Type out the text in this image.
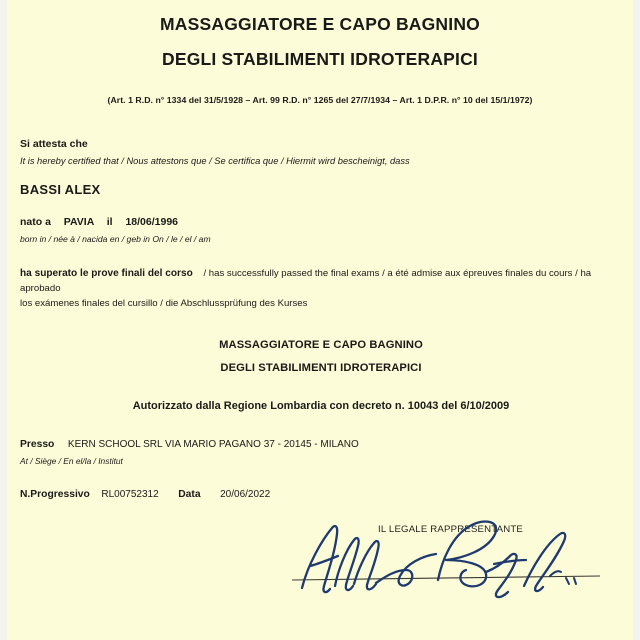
MASSAGGIATORE E CAPO BAGNINO
DEGLI STABILIMENTI IDROTERAPICI
(Art. 1 R.D. n° 1334 del 31/5/1928 – Art. 99 R.D. n° 1265 del 27/7/1934 – Art. 1 D.P.R. n° 10 del 15/1/1972)
Si attesta che
It is hereby certified that / Nous attestons que / Se certifica que / Hiermit wird bescheinigt, dass
BASSI ALEX
nato a PAVIA il 18/06/1996
born in / née à / nacida en / geb in On / le / el / am
ha superato le prove finali del corso / has successfully passed the final exams / a été admise aux épreuves finales du cours / ha aprobado
los exámenes finales del cursillo / die Abschlussprüfung des Kurses
MASSAGGIATORE E CAPO BAGNINO
DEGLI STABILIMENTI IDROTERAPICI
Autorizzato dalla Regione Lombardia con decreto n. 10043 del 6/10/2009
Presso KERN SCHOOL SRL VIA MARIO PAGANO 37 - 20145 - MILANO
At / Siège / En el/la / Institut
N.Progressivo RL00752312 Data 20/06/2022
IL LEGALE RAPPRESENTANTE
